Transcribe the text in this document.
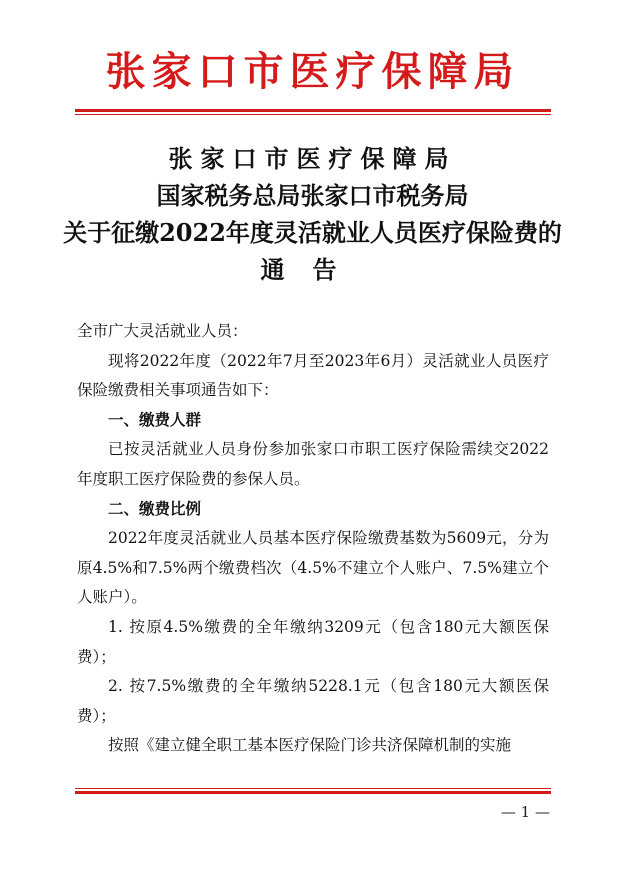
张家口市医疗保障局
张家口市医疗保障局
国家税务总局张家口市税务局
关于征缴2022年度灵活就业人员医疗保险费的
通告

全市广大灵活就业人员：

现将2022年度（2022年7月至2023年6月）灵活就业人员医疗保险缴费相关事项通告如下：

一、缴费人群

已按灵活就业人员身份参加张家口市职工医疗保险需续交2022年度职工医疗保险费的参保人员。

二、缴费比例

2022年度灵活就业人员基本医疗保险缴费基数为5609元，分为原4.5%和7.5%两个缴费档次（4.5%不建立个人账户、7.5%建立个人账户）。

1. 按原4.5%缴费的全年缴纳3209元（包含180元大额医保费）；

2. 按7.5%缴费的全年缴纳5228.1元（包含180元大额医保费）；

按照《建立健全职工基本医疗保险门诊共济保障机制的实施

— 1 —
